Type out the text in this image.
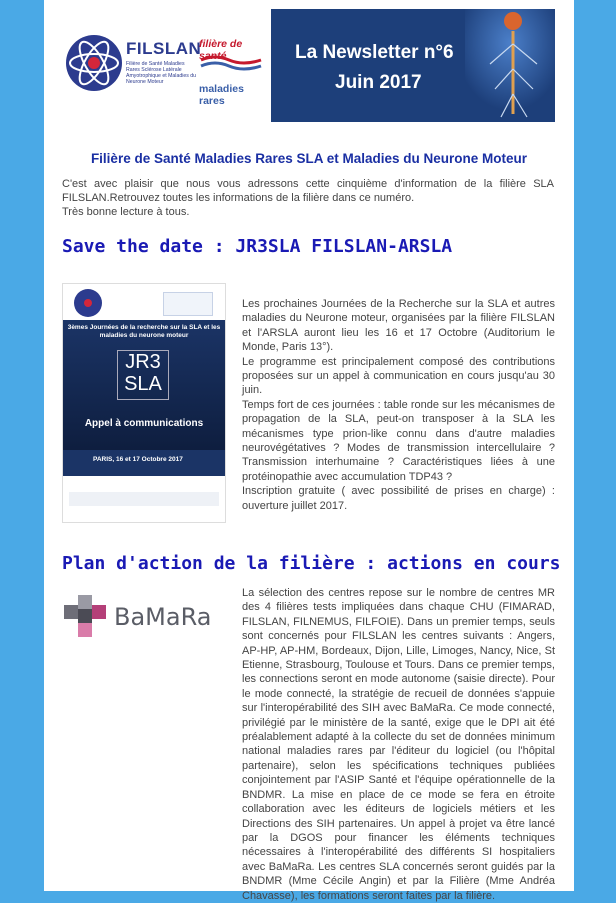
FILSLAN
Filière de Santé Maladies Rares Sclérose Latérale Amyotrophique et Maladies du Neurone Moteur
filière de santé
maladies rares
La Newsletter n°6
Juin 2017
Filière de Santé Maladies Rares SLA et Maladies du Neurone Moteur

C'est avec plaisir que nous vous adressons cette cinquième d'information de la filière SLA FILSLAN.Retrouvez toutes les informations de la filière dans ce numéro.

Très bonne lecture à tous.

Save the date : JR3SLA FILSLAN-ARSLA
3èmes Journées de la recherche sur la SLA et les maladies du neurone moteur
JR3 SLA
Appel à communications
PARIS, 16 et 17 Octobre 2017

Les prochaines Journées de la Recherche sur la SLA et autres maladies du Neurone moteur, organisées par la filière FILSLAN et l'ARSLA auront lieu les 16 et 17 Octobre (Auditorium le Monde, Paris 13°).

Le programme est principalement composé des contributions proposées sur un appel à communication en cours jusqu'au 30 juin.

Temps fort de ces journées : table ronde sur les mécanismes de propagation de la SLA, peut-on transposer à la SLA les mécanismes type prion-like connu dans d'autre maladies neurovégétatives ? Modes de transmission intercellulaire ? Transmission interhumaine ? Caractéristiques liées à une protéinopathie avec accumulation TDP43 ?

Inscription gratuite ( avec possibilité de prises en charge) : ouverture juillet 2017.

Plan d'action de la filière : actions en cours
BaMaRa

La sélection des centres repose sur le nombre de centres MR des 4 filières tests impliquées dans chaque CHU (FIMARAD, FILSLAN, FILNEMUS, FILFOIE). Dans un premier temps, seuls sont concernés pour FILSLAN les centres suivants : Angers, AP-HP, AP-HM, Bordeaux, Dijon, Lille, Limoges, Nancy, Nice, St Etienne, Strasbourg, Toulouse et Tours. Dans ce premier temps, les connections seront en mode autonome (saisie directe). Pour le mode connecté, la stratégie de recueil de données s'appuie sur l'interopérabilité des SIH avec BaMaRa. Ce mode connecté, privilégié par le ministère de la santé, exige que le DPI ait été préalablement adapté à la collecte du set de données minimum national maladies rares par l'éditeur du logiciel (ou l'hôpital partenaire), selon les spécifications techniques publiées conjointement par l'ASIP Santé et l'équipe opérationnelle de la BNDMR. La mise en place de ce mode se fera en étroite collaboration avec les éditeurs de logiciels métiers et les Directions des SIH partenaires. Un appel à projet va être lancé par la DGOS pour financer les éléments techniques nécessaires à l'interopérabilité des différents SI hospitaliers avec BaMaRa. Les centres SLA concernés seront guidés par la BNDMR (Mme Cécile Angin) et par la Filière (Mme Andréa Chavasse), les formations seront faites par la filière.
